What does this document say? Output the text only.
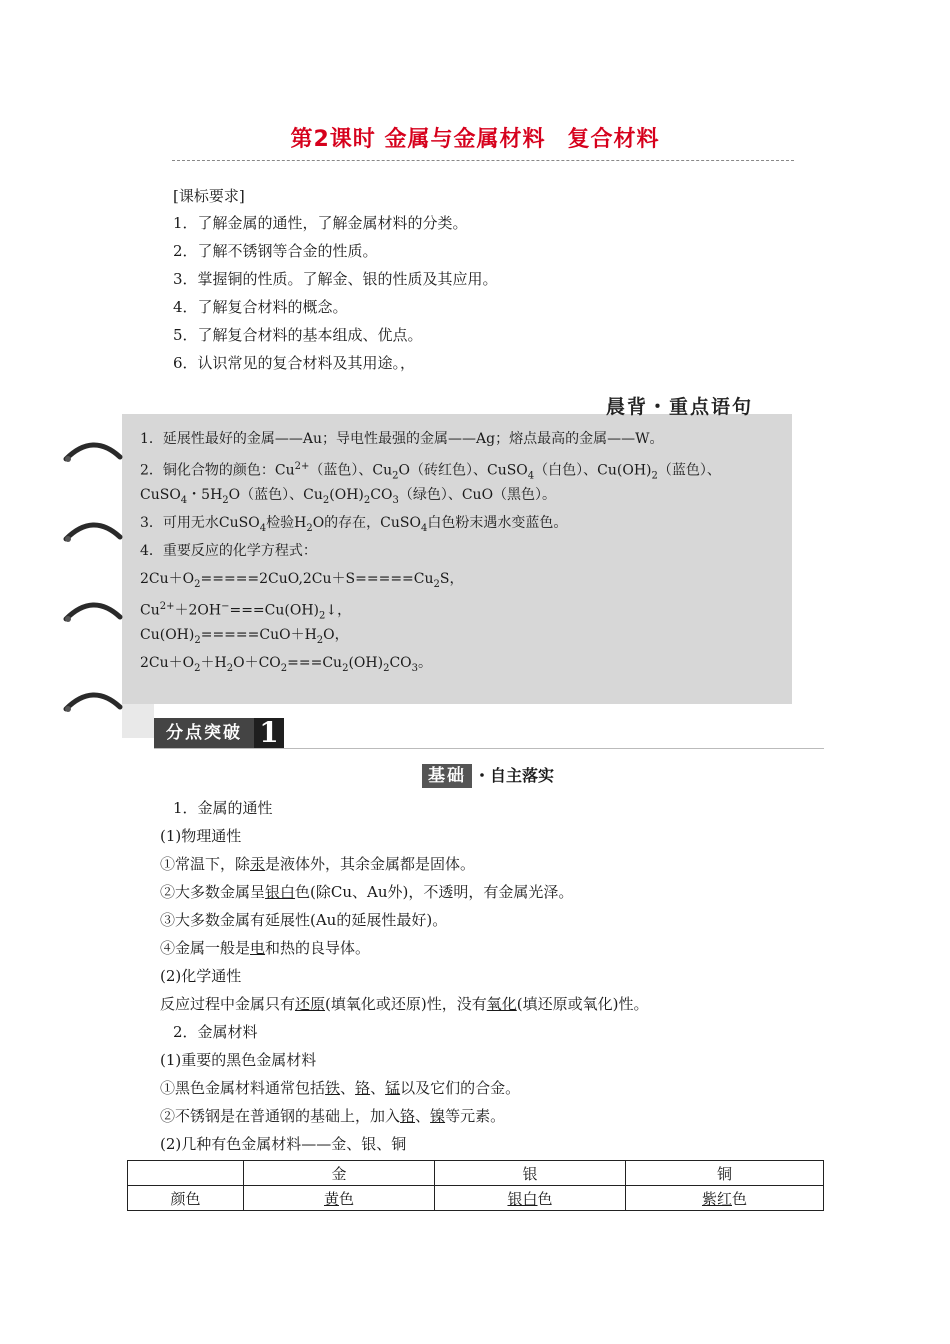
第2课时 金属与金属材料 复合材料
[课标要求]
1．了解金属的通性，了解金属材料的分类。
2．了解不锈钢等合金的性质。
3．掌握铜的性质。了解金、银的性质及其应用。
4．了解复合材料的概念。
5．了解复合材料的基本组成、优点。
6．认识常见的复合材料及其用途。，
晨背・重点语句
1．延展性最好的金属——Au；导电性最强的金属——Ag；熔点最高的金属——W。
2．铜化合物的颜色：$Cu^{2+}$（蓝色）、$Cu_2O$（砖红色）、CuSO$_4$（白色）、$Cu(OH)_2$（蓝色）、
CuSO$_4$・$5H_2O$（蓝色）、$Cu_2(OH)_2CO_3$（绿色）、CuO（黑色）。
3．可用无水CuSO$_4$检验$H_2O$的存在，CuSO$_4$白色粉末遇水变蓝色。
4．重要反应的化学方程式：
$2Cu+O_2=====2CuO,2Cu+S=====Cu_2S$，
$Cu^{2+}+2OH^-===Cu(OH)_2↓$，
$Cu(OH)_2=====CuO+H_2O$，
$2Cu+O_2+H_2O+CO_2===Cu_2(OH)_2CO_3$。
分点突破 1
基础 ・自主落实
1．金属的通性
(1)物理通性
①常温下，除汞是液体外，其余金属都是固体。
②大多数金属呈银白色(除Cu、Au外)，不透明，有金属光泽。
③大多数金属有延展性(Au的延展性最好)。
④金属一般是电和热的良导体。
(2)化学通性
反应过程中金属只有还原(填氧化或还原)性，没有氧化(填还原或氧化)性。
2．金属材料
(1)重要的黑色金属材料
①黑色金属材料通常包括铁、铬、锰以及它们的合金。
②不锈钢是在普通钢的基础上，加入铬、镍等元素。
(2)几种有色金属材料——金、银、铜
	金	银	铜
颜色	黄色	银白色	紫红色
